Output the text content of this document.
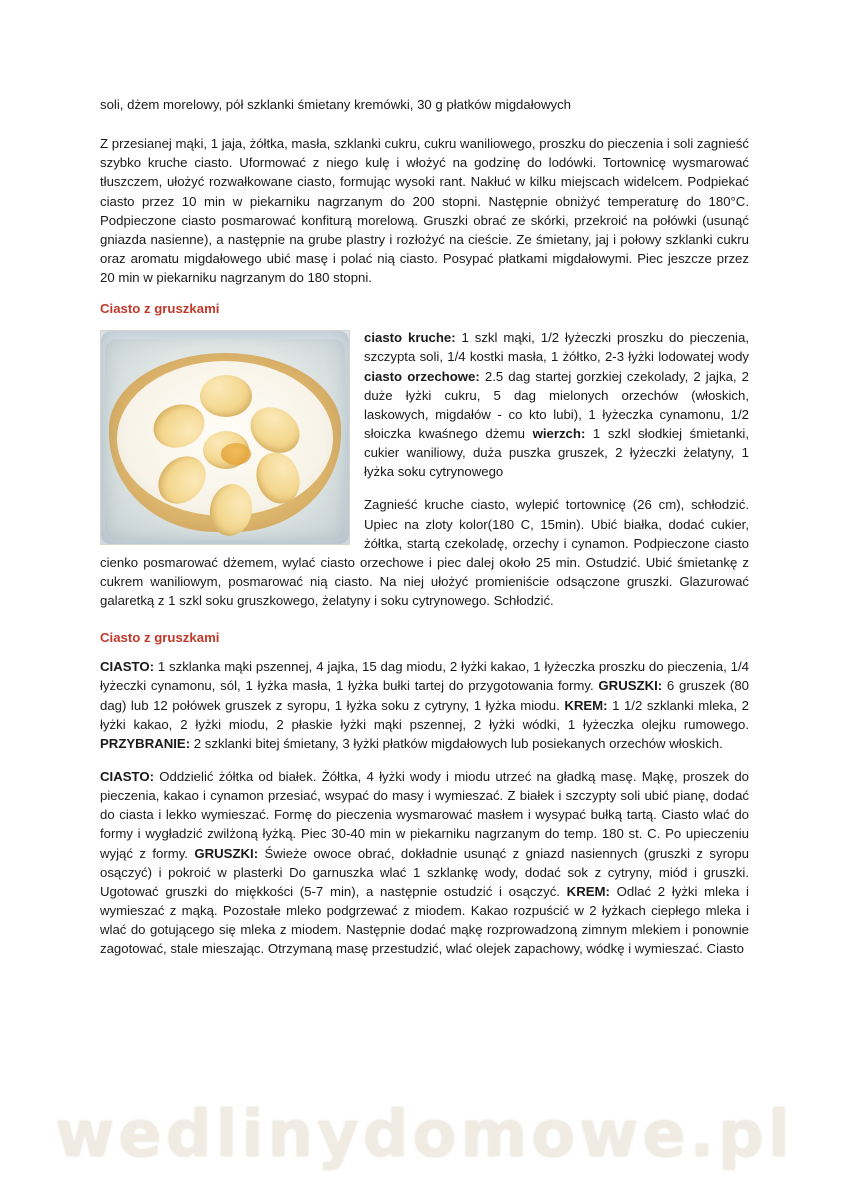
soli, dżem morelowy, pół szklanki śmietany kremówki, 30 g płatków migdałowych

Z przesianej mąki, 1 jaja, żółtka, masła, szklanki cukru, cukru waniliowego, proszku do pieczenia i soli zagnieść szybko kruche ciasto. Uformować z niego kulę i włożyć na godzinę do lodówki. Tortownicę wysmarować tłuszczem, ułożyć rozwałkowane ciasto, formując wysoki rant. Nakłuć w kilku miejscach widelcem. Podpiekać ciasto przez 10 min w piekarniku nagrzanym do 200 stopni. Następnie obniżyć temperaturę do 180°C. Podpieczone ciasto posmarować konfiturą morelową. Gruszki obrać ze skórki, przekroić na połówki (usunąć gniazda nasienne), a następnie na grube plastry i rozłożyć na cieście. Ze śmietany, jaj i połowy szklanki cukru oraz aromatu migdałowego ubić masę i polać nią ciasto. Posypać płatkami migdałowymi. Piec jeszcze przez 20 min w piekarniku nagrzanym do 180 stopni.

Ciasto z gruszkami

ciasto kruche: 1 szkl mąki, 1/2 łyżeczki proszku do pieczenia, szczypta soli, 1/4 kostki masła, 1 żółtko, 2-3 łyżki lodowatej wody ciasto orzechowe: 2.5 dag startej gorzkiej czekolady, 2 jajka, 2 duże łyżki cukru, 5 dag mielonych orzechów (włoskich, laskowych, migdałów - co kto lubi), 1 łyżeczka cynamonu, 1/2 słoiczka kwaśnego dżemu wierzch: 1 szkl słodkiej śmietanki, cukier waniliowy, duża puszka gruszek, 2 łyżeczki żelatyny, 1 łyżka soku cytrynowego

Zagnieść kruche ciasto, wylepić tortownicę (26 cm), schłodzić. Upiec na zloty kolor(180 C, 15min). Ubić białka, dodać cukier, żółtka, startą czekoladę, orzechy i cynamon. Podpieczone ciasto cienko posmarować dżemem, wylać ciasto orzechowe i piec dalej około 25 min. Ostudzić. Ubić śmietankę z cukrem waniliowym, posmarować nią ciasto. Na niej ułożyć promieniście odsączone gruszki. Glazurować galaretką z 1 szkl soku gruszkowego, żelatyny i soku cytrynowego. Schłodzić.

Ciasto z gruszkami

CIASTO: 1 szklanka mąki pszennej, 4 jajka, 15 dag miodu, 2 łyżki kakao, 1 łyżeczka proszku do pieczenia, 1/4 łyżeczki cynamonu, sól, 1 łyżka masła, 1 łyżka bułki tartej do przygotowania formy. GRUSZKI: 6 gruszek (80 dag) lub 12 połówek gruszek z syropu, 1 łyżka soku z cytryny, 1 łyżka miodu. KREM: 1 1/2 szklanki mleka, 2 łyżki kakao, 2 łyżki miodu, 2 płaskie łyżki mąki pszennej, 2 łyżki wódki, 1 łyżeczka olejku rumowego. PRZYBRANIE: 2 szklanki bitej śmietany, 3 łyżki płatków migdałowych lub posiekanych orzechów włoskich.

CIASTO: Oddzielić żółtka od białek. Żółtka, 4 łyżki wody i miodu utrzeć na gładką masę. Mąkę, proszek do pieczenia, kakao i cynamon przesiać, wsypać do masy i wymieszać. Z białek i szczypty soli ubić pianę, dodać do ciasta i lekko wymieszać. Formę do pieczenia wysmarować masłem i wysypać bułką tartą. Ciasto wlać do formy i wygładzić zwilżoną łyżką. Piec 30-40 min w piekarniku nagrzanym do temp. 180 st. C. Po upieczeniu wyjąć z formy. GRUSZKI: Świeże owoce obrać, dokładnie usunąć z gniazd nasiennych (gruszki z syropu osączyć) i pokroić w plasterki Do garnuszka wlać 1 szklankę wody, dodać sok z cytryny, miód i gruszki. Ugotować gruszki do miękkości (5-7 min), a następnie ostudzić i osączyć. KREM: Odlać 2 łyżki mleka i wymieszać z mąką. Pozostałe mleko podgrzewać z miodem. Kakao rozpuścić w 2 łyżkach ciepłego mleka i wlać do gotującego się mleka z miodem. Następnie dodać mąkę rozprowadzoną zimnym mlekiem i ponownie zagotować, stale mieszając. Otrzymaną masę przestudzić, wlać olejek zapachowy, wódkę i wymieszać. Ciasto

wedlinydomowe.pl
